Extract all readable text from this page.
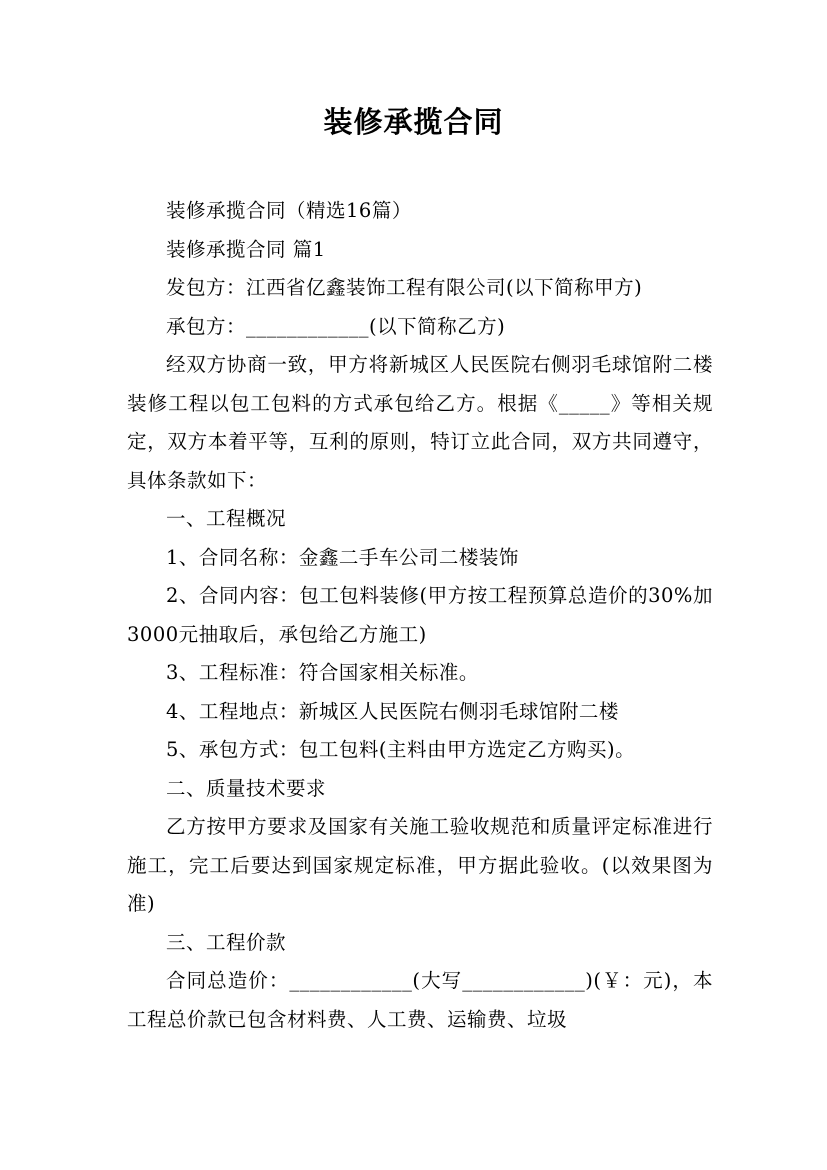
装修承揽合同

装修承揽合同（精选16篇）

装修承揽合同 篇1

发包方：江西省亿鑫装饰工程有限公司(以下简称甲方)

承包方：____________(以下简称乙方)

经双方协商一致，甲方将新城区人民医院右侧羽毛球馆附二楼装修工程以包工包料的方式承包给乙方。根据《_____》等相关规定，双方本着平等，互利的原则，特订立此合同，双方共同遵守，具体条款如下：

一、工程概况

1、合同名称：金鑫二手车公司二楼装饰

2、合同内容：包工包料装修(甲方按工程预算总造价的30%加3000元抽取后，承包给乙方施工)

3、工程标准：符合国家相关标准。

4、工程地点：新城区人民医院右侧羽毛球馆附二楼

5、承包方式：包工包料(主料由甲方选定乙方购买)。

二、质量技术要求

乙方按甲方要求及国家有关施工验收规范和质量评定标准进行施工，完工后要达到国家规定标准，甲方据此验收。(以效果图为准)

三、工程价款

合同总造价：____________(大写____________)(￥：元)，本工程总价款已包含材料费、人工费、运输费、垃圾
